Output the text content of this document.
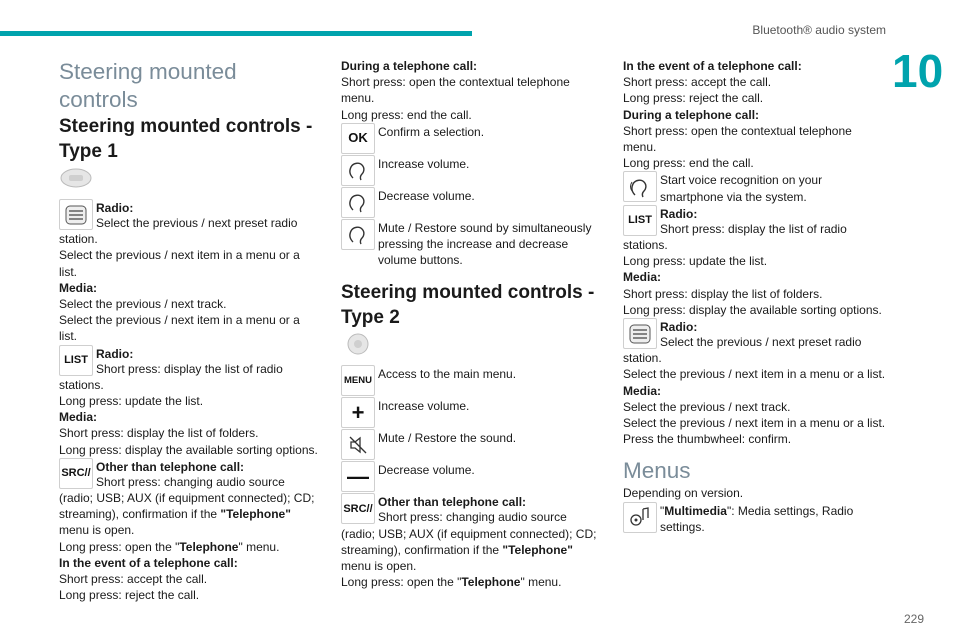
Bluetooth® audio system
10
229

Steering mounted controls

Steering mounted controls - Type 1

Radio:

Select the previous / next preset radio station.

Select the previous / next item in a menu or a list.

Media:

Select the previous / next track.

Select the previous / next item in a menu or a list.

LIST Radio:

Short press: display the list of radio stations.

Long press: update the list.

Media:

Short press: display the list of folders.

Long press: display the available sorting options.

SRC // Other than telephone call:

Short press: changing audio source (radio; USB; AUX (if equipment connected); CD; streaming), confirmation if the "Telephone" menu is open.

Long press: open the "Telephone" menu.

In the event of a telephone call:

Short press: accept the call.

Long press: reject the call.

During a telephone call:

Short press: open the contextual telephone menu.

Long press: end the call.

OK Confirm a selection.

Increase volume.

Decrease volume.

Mute / Restore sound by simultaneously pressing the increase and decrease volume buttons.

Steering mounted controls - Type 2

MENU Access to the main menu.

+	Increase volume.

Mute / Restore the sound.

— Decrease volume.

SRC // Other than telephone call:

Short press: changing audio source (radio; USB; AUX (if equipment connected); CD; streaming), confirmation if the "Telephone" menu is open.

Long press: open the "Telephone" menu.

In the event of a telephone call:

Short press: accept the call.

Long press: reject the call.

During a telephone call:

Short press: open the contextual telephone menu.

Long press: end the call.

Start voice recognition on your smartphone via the system.

LIST Radio:

Short press: display the list of radio stations.

Long press: update the list.

Media:

Short press: display the list of folders.

Long press: display the available sorting options.

Radio:

Select the previous / next preset radio station.

Select the previous / next item in a menu or a list.

Media:

Select the previous / next track.

Select the previous / next item in a menu or a list.

Press the thumbwheel: confirm.

Menus

Depending on version.

"Multimedia": Media settings, Radio settings.
